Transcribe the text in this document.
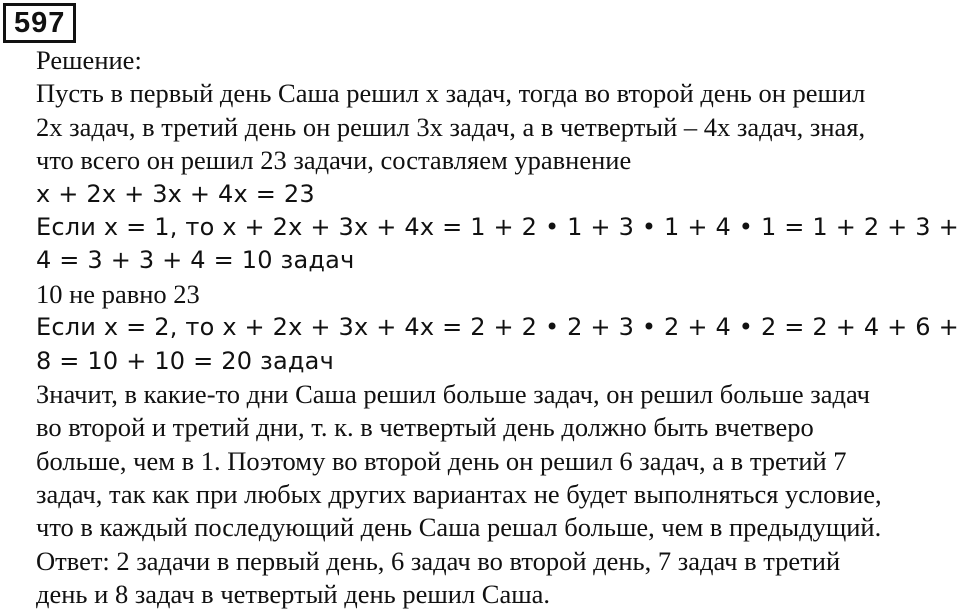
597
Решение:
Пусть в первый день Саша решил x задач, тогда во второй день он решил
2x задач, в третий день он решил 3x задач, а в четвертый – 4x задач, зная,
что всего он решил 23 задачи, составляем уравнение
x + 2x + 3x + 4x = 23
Если x = 1, то x + 2x + 3x + 4x = 1 + 2 • 1 + 3 • 1 + 4 • 1 = 1 + 2 + 3 +
4 = 3 + 3 + 4 = 10 задач
10 не равно 23
Если x = 2, то x + 2x + 3x + 4x = 2 + 2 • 2 + 3 • 2 + 4 • 2 = 2 + 4 + 6 +
8 = 10 + 10 = 20 задач
Значит, в какие-то дни Саша решил больше задач, он решил больше задач
во второй и третий дни, т. к. в четвертый день должно быть вчетверо
больше, чем в 1. Поэтому во второй день он решил 6 задач, а в третий 7
задач, так как при любых других вариантах не будет выполняться условие,
что в каждый последующий день Саша решал больше, чем в предыдущий.
Ответ: 2 задачи в первый день, 6 задач во второй день, 7 задач в третий
день и 8 задач в четвертый день решил Саша.
